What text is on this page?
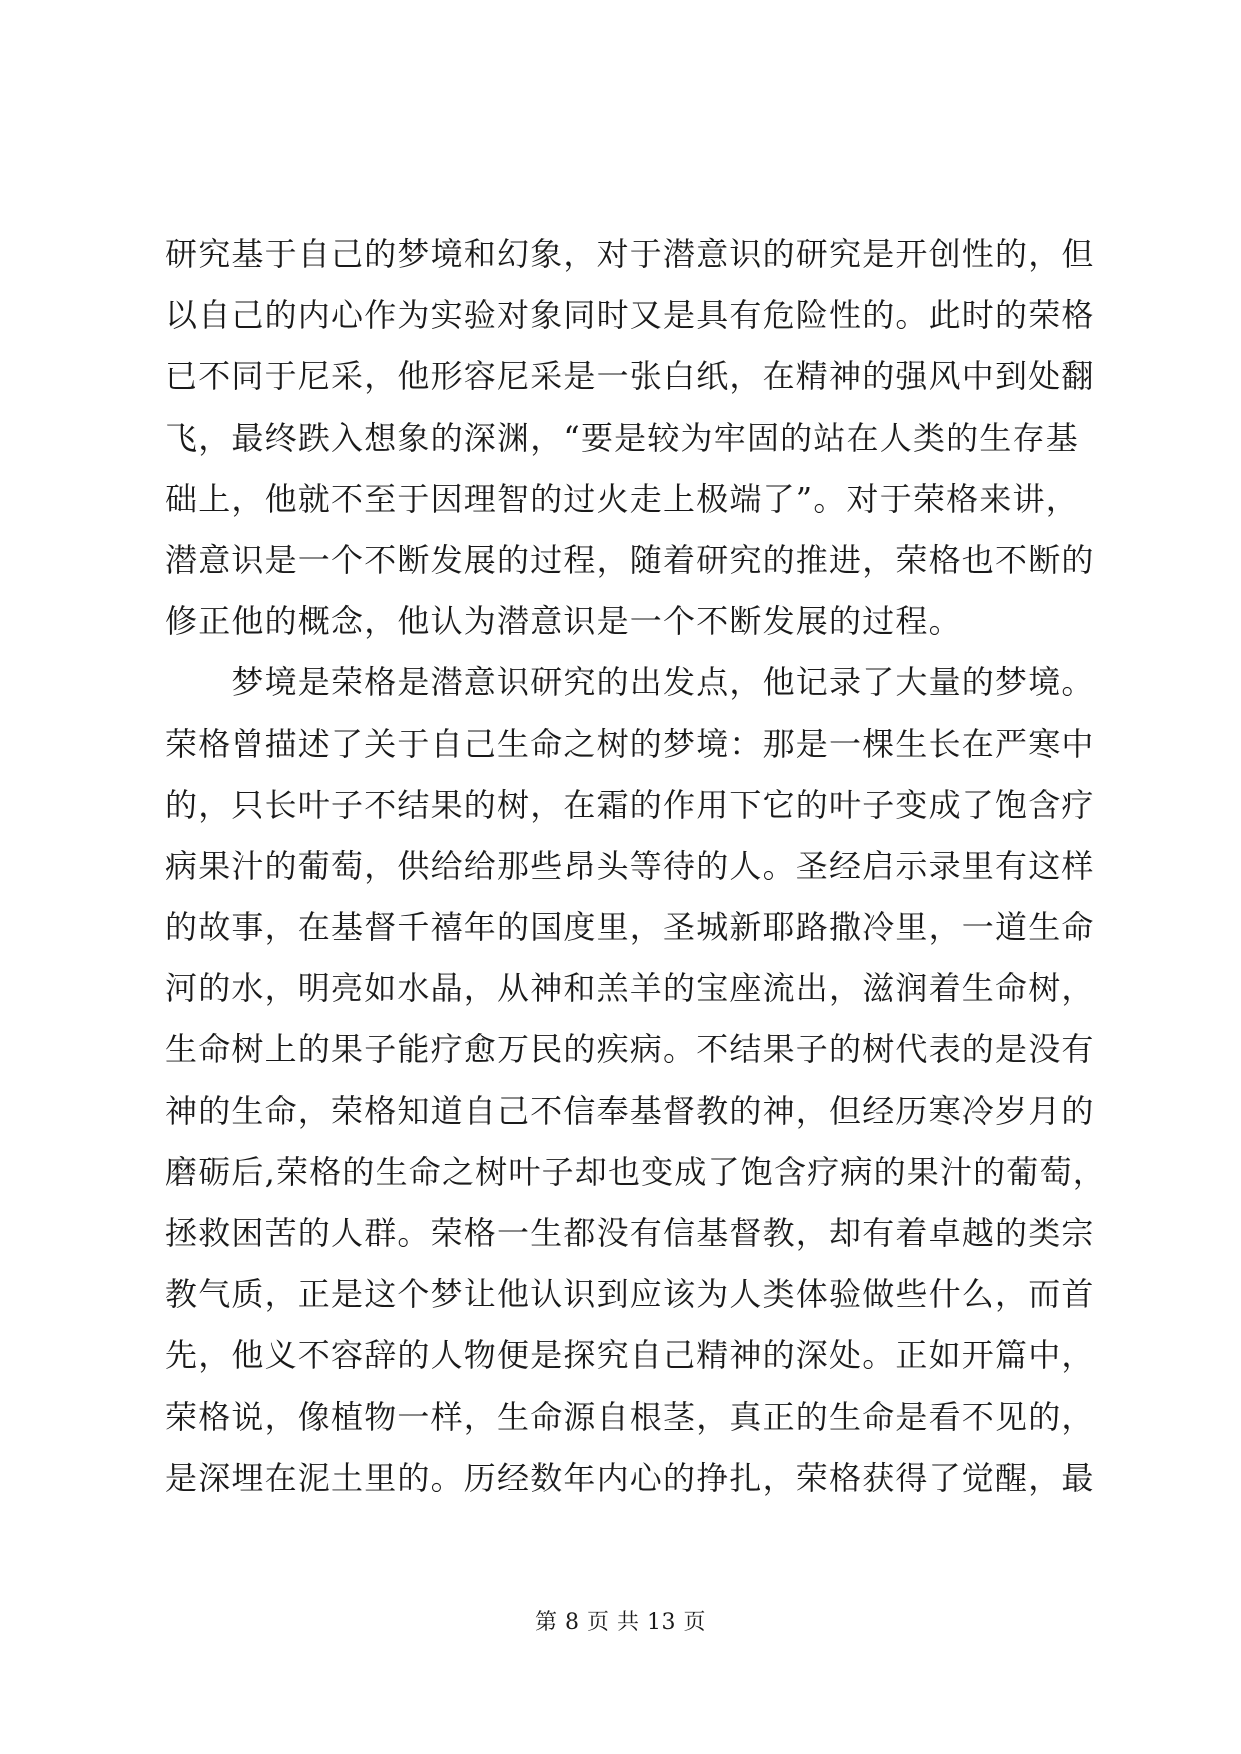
研究基于自己的梦境和幻象，对于潜意识的研究是开创性的，但
以自己的内心作为实验对象同时又是具有危险性的。此时的荣格
已不同于尼采，他形容尼采是一张白纸，在精神的强风中到处翻
飞，最终跌入想象的深渊，“要是较为牢固的站在人类的生存基
础上，他就不至于因理智的过火走上极端了”。对于荣格来讲，
潜意识是一个不断发展的过程，随着研究的推进，荣格也不断的
修正他的概念，他认为潜意识是一个不断发展的过程。
　　梦境是荣格是潜意识研究的出发点，他记录了大量的梦境。
荣格曾描述了关于自己生命之树的梦境：那是一棵生长在严寒中
的，只长叶子不结果的树，在霜的作用下它的叶子变成了饱含疗
病果汁的葡萄，供给给那些昂头等待的人。圣经启示录里有这样
的故事，在基督千禧年的国度里，圣城新耶路撒冷里，一道生命
河的水，明亮如水晶，从神和羔羊的宝座流出，滋润着生命树，
生命树上的果子能疗愈万民的疾病。不结果子的树代表的是没有
神的生命，荣格知道自己不信奉基督教的神，但经历寒冷岁月的
磨砺后,荣格的生命之树叶子却也变成了饱含疗病的果汁的葡萄，
拯救困苦的人群。荣格一生都没有信基督教，却有着卓越的类宗
教气质，正是这个梦让他认识到应该为人类体验做些什么，而首
先，他义不容辞的人物便是探究自己精神的深处。正如开篇中，
荣格说，像植物一样，生命源自根茎，真正的生命是看不见的，
是深埋在泥土里的。历经数年内心的挣扎，荣格获得了觉醒，最
第 8 页 共 13 页
